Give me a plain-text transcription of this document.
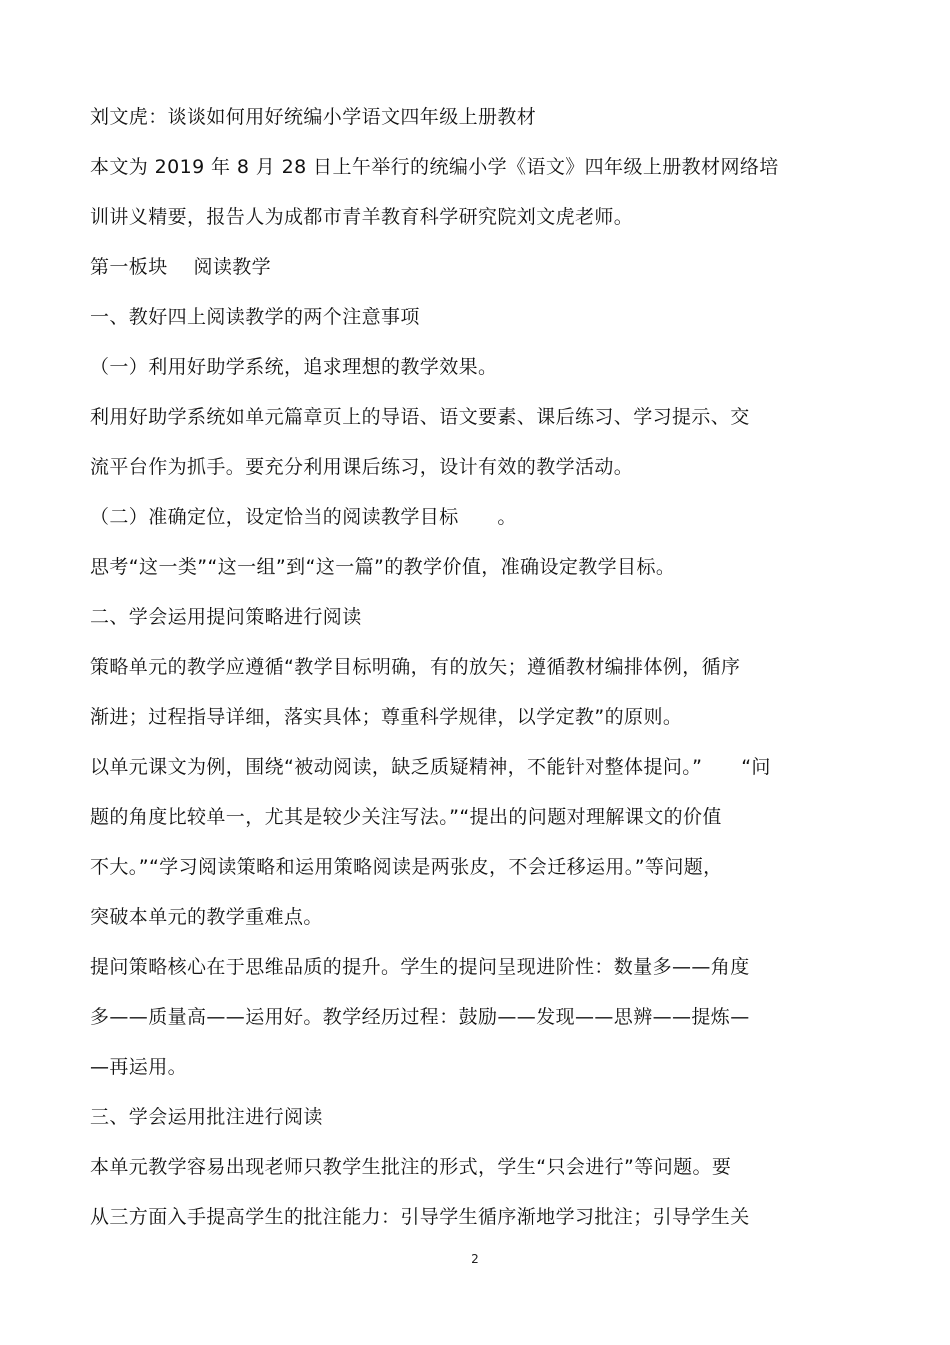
刘文虎：谈谈如何用好统编小学语文四年级上册教材
本文为 2019 年 8 月 28 日上午举行的统编小学《语文》四年级上册教材网络培
训讲义精要，报告人为成都市青羊教育科学研究院刘文虎老师。
第一板块　 阅读教学
一、教好四上阅读教学的两个注意事项
（一）利用好助学系统，追求理想的教学效果。
利用好助学系统如单元篇章页上的导语、语文要素、课后练习、学习提示、交
流平台作为抓手。要充分利用课后练习，设计有效的教学活动。
（二）准确定位，设定恰当的阅读教学目标　　。
思考“这一类”“这一组”到“这一篇”的教学价值，准确设定教学目标。
二、学会运用提问策略进行阅读
策略单元的教学应遵循“教学目标明确，有的放矢；遵循教材编排体例，循序
渐进；过程指导详细，落实具体；尊重科学规律，以学定教”的原则。
以单元课文为例，围绕“被动阅读，缺乏质疑精神，不能针对整体提问。”　　“问
题的角度比较单一，尤其是较少关注写法。”“提出的问题对理解课文的价值
不大。”“学习阅读策略和运用策略阅读是两张皮，不会迁移运用。”等问题，
突破本单元的教学重难点。
提问策略核心在于思维品质的提升。学生的提问呈现进阶性：数量多——角度
多——质量高——运用好。教学经历过程：鼓励——发现——思辨——提炼—
—再运用。
三、学会运用批注进行阅读
本单元教学容易出现老师只教学生批注的形式，学生“只会进行”等问题。要
从三方面入手提高学生的批注能力：引导学生循序渐地学习批注；引导学生关
2
